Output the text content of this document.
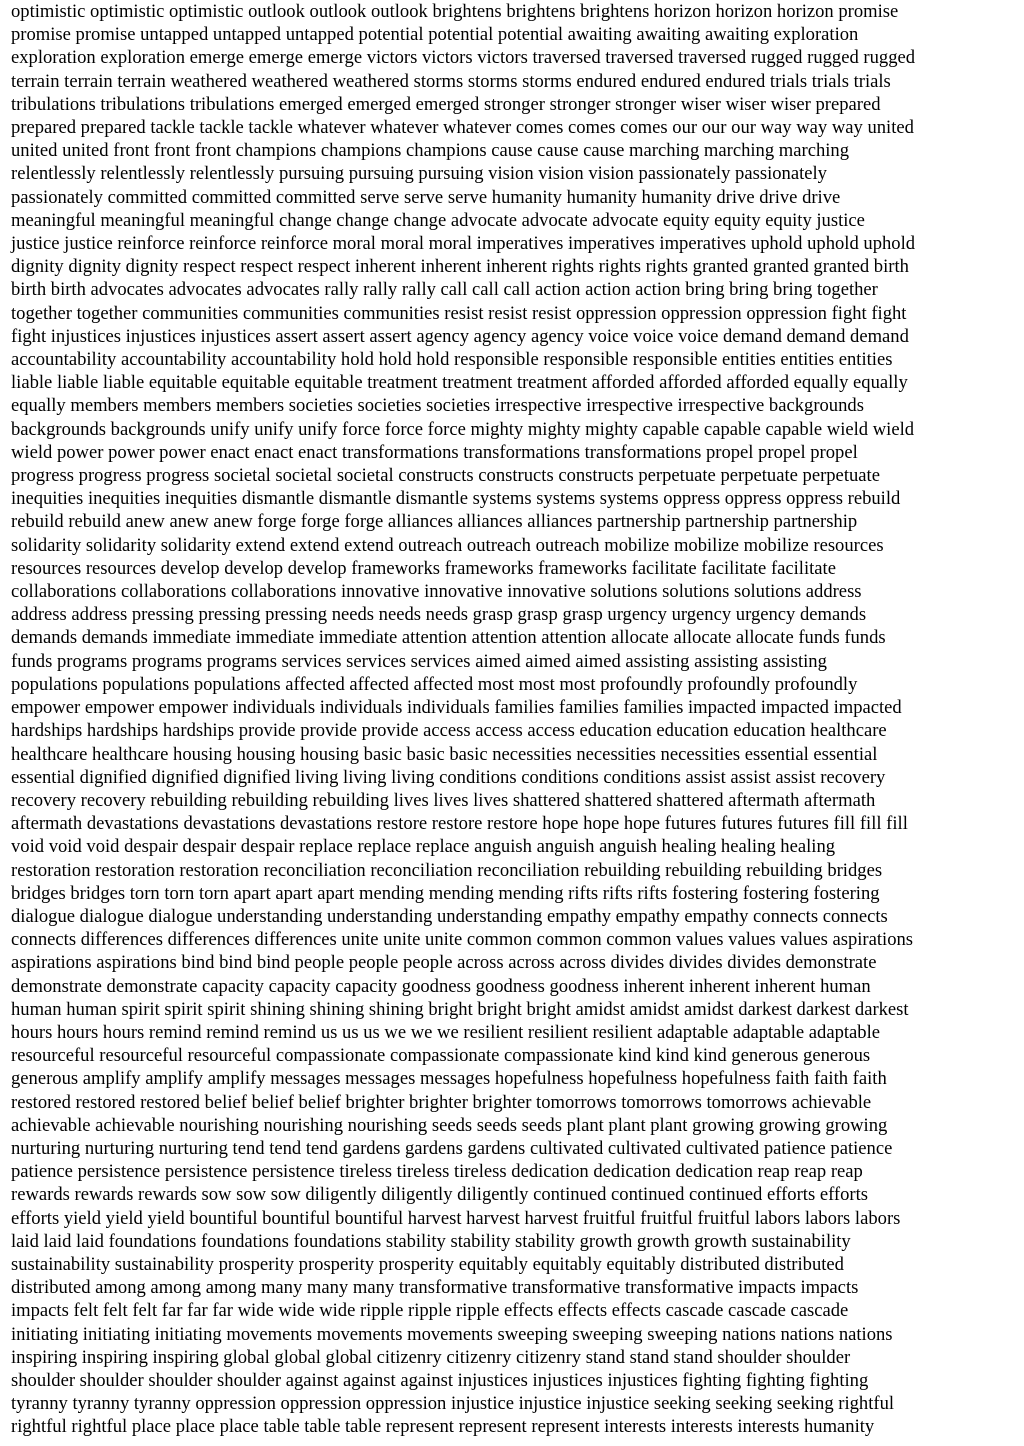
optimistic optimistic optimistic outlook outlook outlook brightens brightens brightens horizon horizon horizon promise
promise promise untapped untapped untapped potential potential potential awaiting awaiting awaiting exploration
exploration exploration emerge emerge emerge victors victors victors traversed traversed traversed rugged rugged rugged
terrain terrain terrain weathered weathered weathered storms storms storms endured endured endured trials trials trials
tribulations tribulations tribulations emerged emerged emerged stronger stronger stronger wiser wiser wiser prepared
prepared prepared tackle tackle tackle whatever whatever whatever comes comes comes our our our way way way united
united united front front front champions champions champions cause cause cause marching marching marching
relentlessly relentlessly relentlessly pursuing pursuing pursuing vision vision vision passionately passionately
passionately committed committed committed serve serve serve humanity humanity humanity drive drive drive
meaningful meaningful meaningful change change change advocate advocate advocate equity equity equity justice
justice justice reinforce reinforce reinforce moral moral moral imperatives imperatives imperatives uphold uphold uphold
dignity dignity dignity respect respect respect inherent inherent inherent rights rights rights granted granted granted birth
birth birth advocates advocates advocates rally rally rally call call call action action action bring bring bring together
together together communities communities communities resist resist resist oppression oppression oppression fight fight
fight injustices injustices injustices assert assert assert agency agency agency voice voice voice demand demand demand
accountability accountability accountability hold hold hold responsible responsible responsible entities entities entities
liable liable liable equitable equitable equitable treatment treatment treatment afforded afforded afforded equally equally
equally members members members societies societies societies irrespective irrespective irrespective backgrounds
backgrounds backgrounds unify unify unify force force force mighty mighty mighty capable capable capable wield wield
wield power power power enact enact enact transformations transformations transformations propel propel propel
progress progress progress societal societal societal constructs constructs constructs perpetuate perpetuate perpetuate
inequities inequities inequities dismantle dismantle dismantle systems systems systems oppress oppress oppress rebuild
rebuild rebuild anew anew anew forge forge forge alliances alliances alliances partnership partnership partnership
solidarity solidarity solidarity extend extend extend outreach outreach outreach mobilize mobilize mobilize resources
resources resources develop develop develop frameworks frameworks frameworks facilitate facilitate facilitate
collaborations collaborations collaborations innovative innovative innovative solutions solutions solutions address
address address pressing pressing pressing needs needs needs grasp grasp grasp urgency urgency urgency demands
demands demands immediate immediate immediate attention attention attention allocate allocate allocate funds funds
funds programs programs programs services services services aimed aimed aimed assisting assisting assisting
populations populations populations affected affected affected most most most profoundly profoundly profoundly
empower empower empower individuals individuals individuals families families families impacted impacted impacted
hardships hardships hardships provide provide provide access access access education education education healthcare
healthcare healthcare housing housing housing basic basic basic necessities necessities necessities essential essential
essential dignified dignified dignified living living living conditions conditions conditions assist assist assist recovery
recovery recovery rebuilding rebuilding rebuilding lives lives lives shattered shattered shattered aftermath aftermath
aftermath devastations devastations devastations restore restore restore hope hope hope futures futures futures fill fill fill
void void void despair despair despair replace replace replace anguish anguish anguish healing healing healing
restoration restoration restoration reconciliation reconciliation reconciliation rebuilding rebuilding rebuilding bridges
bridges bridges torn torn torn apart apart apart mending mending mending rifts rifts rifts fostering fostering fostering
dialogue dialogue dialogue understanding understanding understanding empathy empathy empathy connects connects
connects differences differences differences unite unite unite common common common values values values aspirations
aspirations aspirations bind bind bind people people people across across across divides divides divides demonstrate
demonstrate demonstrate capacity capacity capacity goodness goodness goodness inherent inherent inherent human
human human spirit spirit spirit shining shining shining bright bright bright amidst amidst amidst darkest darkest darkest
hours hours hours remind remind remind us us us we we we resilient resilient resilient adaptable adaptable adaptable
resourceful resourceful resourceful compassionate compassionate compassionate kind kind kind generous generous
generous amplify amplify amplify messages messages messages hopefulness hopefulness hopefulness faith faith faith
restored restored restored belief belief belief brighter brighter brighter tomorrows tomorrows tomorrows achievable
achievable achievable nourishing nourishing nourishing seeds seeds seeds plant plant plant growing growing growing
nurturing nurturing nurturing tend tend tend gardens gardens gardens cultivated cultivated cultivated patience patience
patience persistence persistence persistence tireless tireless tireless dedication dedication dedication reap reap reap
rewards rewards rewards sow sow sow diligently diligently diligently continued continued continued efforts efforts
efforts yield yield yield bountiful bountiful bountiful harvest harvest harvest fruitful fruitful fruitful labors labors labors
laid laid laid foundations foundations foundations stability stability stability growth growth growth sustainability
sustainability sustainability prosperity prosperity prosperity equitably equitably equitably distributed distributed
distributed among among among many many many transformative transformative transformative impacts impacts
impacts felt felt felt far far far wide wide wide ripple ripple ripple effects effects effects cascade cascade cascade
initiating initiating initiating movements movements movements sweeping sweeping sweeping nations nations nations
inspiring inspiring inspiring global global global citizenry citizenry citizenry stand stand stand shoulder shoulder
shoulder shoulder shoulder shoulder against against against injustices injustices injustices fighting fighting fighting
tyranny tyranny tyranny oppression oppression oppression injustice injustice injustice seeking seeking seeking rightful
rightful rightful place place place table table table represent represent represent interests interests interests humanity
